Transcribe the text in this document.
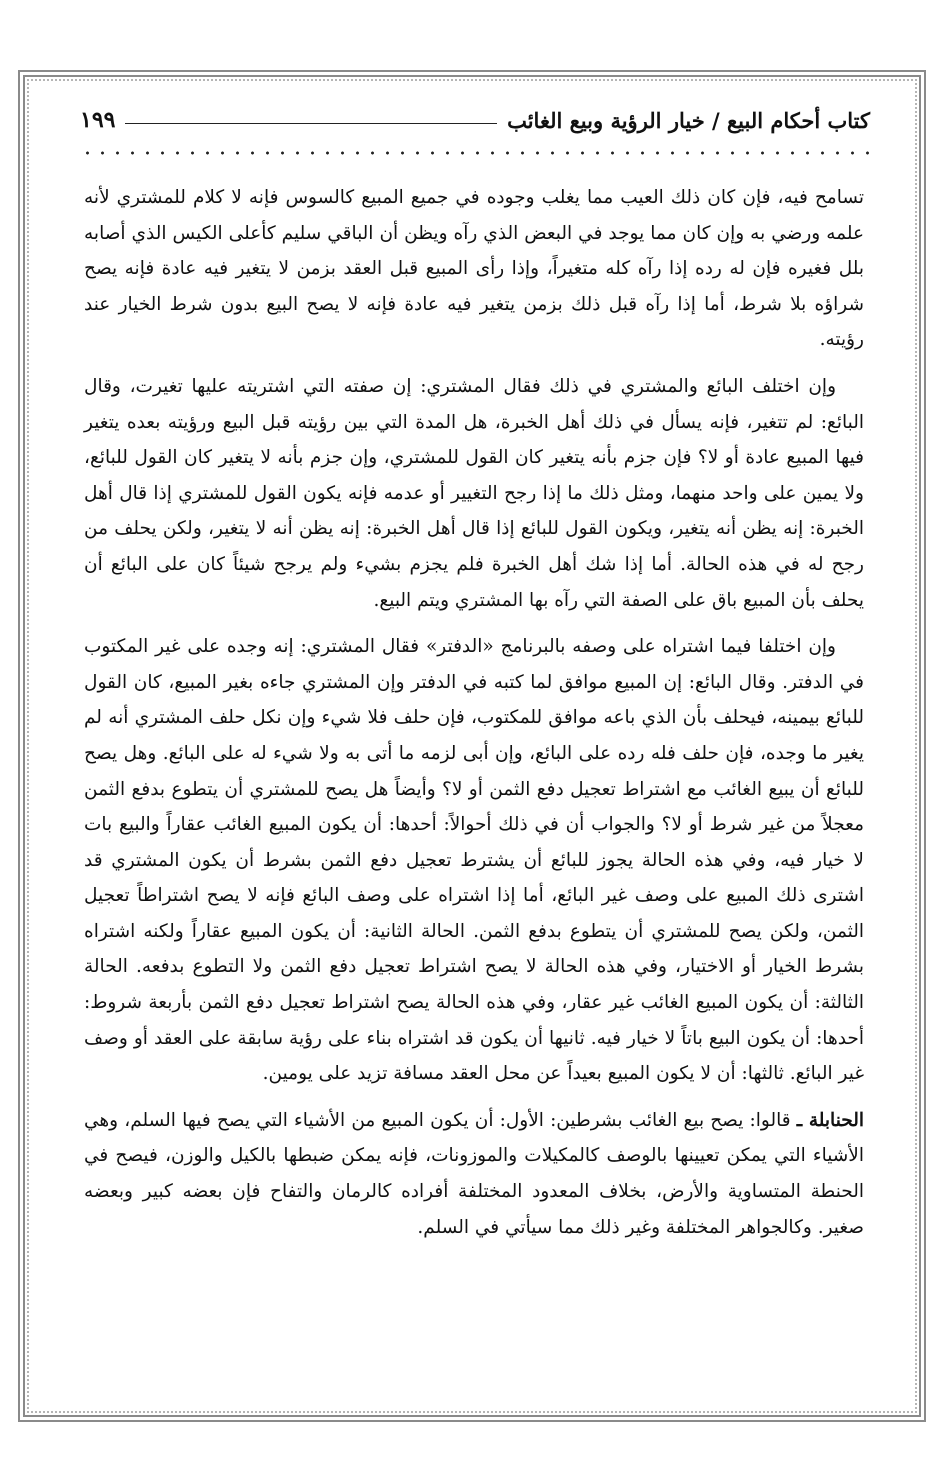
كتاب أحكام البيع / خيار الرؤية وبيع الغائب
١٩٩

تسامح فيه، فإن كان ذلك العيب مما يغلب وجوده في جميع المبيع كالسوس فإنه لا كلام للمشتري لأنه علمه ورضي به وإن كان مما يوجد في البعض الذي رآه ويظن أن الباقي سليم كأعلى الكيس الذي أصابه بلل فغيره فإن له رده إذا رآه كله متغيراً، وإذا رأى المبيع قبل العقد بزمن لا يتغير فيه عادة فإنه يصح شراؤه بلا شرط، أما إذا رآه قبل ذلك بزمن يتغير فيه عادة فإنه لا يصح البيع بدون شرط الخيار عند رؤيته.

وإن اختلف البائع والمشتري في ذلك فقال المشتري: إن صفته التي اشتريته عليها تغيرت، وقال البائع: لم تتغير، فإنه يسأل في ذلك أهل الخبرة، هل المدة التي بين رؤيته قبل البيع ورؤيته بعده يتغير فيها المبيع عادة أو لا؟ فإن جزم بأنه يتغير كان القول للمشتري، وإن جزم بأنه لا يتغير كان القول للبائع، ولا يمين على واحد منهما، ومثل ذلك ما إذا رجح التغيير أو عدمه فإنه يكون القول للمشتري إذا قال أهل الخبرة: إنه يظن أنه يتغير، ويكون القول للبائع إذا قال أهل الخبرة: إنه يظن أنه لا يتغير، ولكن يحلف من رجح له في هذه الحالة. أما إذا شك أهل الخبرة فلم يجزم بشيء ولم يرجح شيئاً كان على البائع أن يحلف بأن المبيع باق على الصفة التي رآه بها المشتري ويتم البيع.

وإن اختلفا فيما اشتراه على وصفه بالبرنامج «الدفتر» فقال المشتري: إنه وجده على غير المكتوب في الدفتر. وقال البائع: إن المبيع موافق لما كتبه في الدفتر وإن المشتري جاءه بغير المبيع، كان القول للبائع بيمينه، فيحلف بأن الذي باعه موافق للمكتوب، فإن حلف فلا شيء وإن نكل حلف المشتري أنه لم يغير ما وجده، فإن حلف فله رده على البائع، وإن أبى لزمه ما أتى به ولا شيء له على البائع. وهل يصح للبائع أن يبيع الغائب مع اشتراط تعجيل دفع الثمن أو لا؟ وأيضاً هل يصح للمشتري أن يتطوع بدفع الثمن معجلاً من غير شرط أو لا؟ والجواب أن في ذلك أحوالاً: أحدها: أن يكون المبيع الغائب عقاراً والبيع بات لا خيار فيه، وفي هذه الحالة يجوز للبائع أن يشترط تعجيل دفع الثمن بشرط أن يكون المشتري قد اشترى ذلك المبيع على وصف غير البائع، أما إذا اشتراه على وصف البائع فإنه لا يصح اشتراطاً تعجيل الثمن، ولكن يصح للمشتري أن يتطوع بدفع الثمن. الحالة الثانية: أن يكون المبيع عقاراً ولكنه اشتراه بشرط الخيار أو الاختيار، وفي هذه الحالة لا يصح اشتراط تعجيل دفع الثمن ولا التطوع بدفعه. الحالة الثالثة: أن يكون المبيع الغائب غير عقار، وفي هذه الحالة يصح اشتراط تعجيل دفع الثمن بأربعة شروط: أحدها: أن يكون البيع باتاً لا خيار فيه. ثانيها أن يكون قد اشتراه بناء على رؤية سابقة على العقد أو وصف غير البائع. ثالثها: أن لا يكون المبيع بعيداً عن محل العقد مسافة تزيد على يومين.

الحنابلة ـ قالوا: يصح بيع الغائب بشرطين: الأول: أن يكون المبيع من الأشياء التي يصح فيها السلم، وهي الأشياء التي يمكن تعيينها بالوصف كالمكيلات والموزونات، فإنه يمكن ضبطها بالكيل والوزن، فيصح في الحنطة المتساوية والأرض، بخلاف المعدود المختلفة أفراده كالرمان والتفاح فإن بعضه كبير وبعضه صغير. وكالجواهر المختلفة وغير ذلك مما سيأتي في السلم.
